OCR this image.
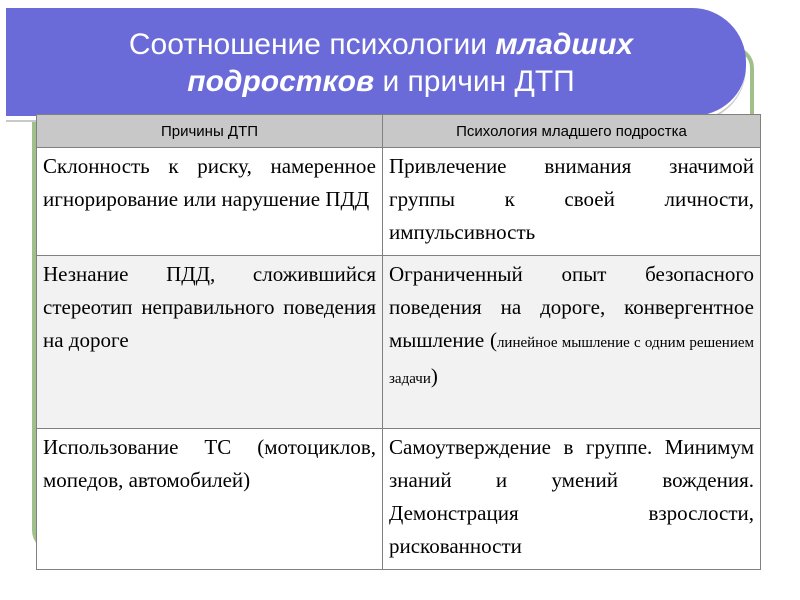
Соотношение психологии младших подростков и причин ДТП
Причины ДТП	Психология младшего подростка
Склонность к риску, намеренное игнорирование или нарушение ПДД	Привлечение внимания значимой группы к своей личности, импульсивность
Незнание ПДД, сложившийся стереотип неправильного поведения на дороге	Ограниченный опыт безопасного поведения на дороге, конвергентное мышление (линейное мышление с одним решением задачи)
Использование ТС (мотоциклов, мопедов, автомобилей)	Самоутверждение в группе. Минимум знаний и умений вождения. Демонстрация взрослости, рискованности
